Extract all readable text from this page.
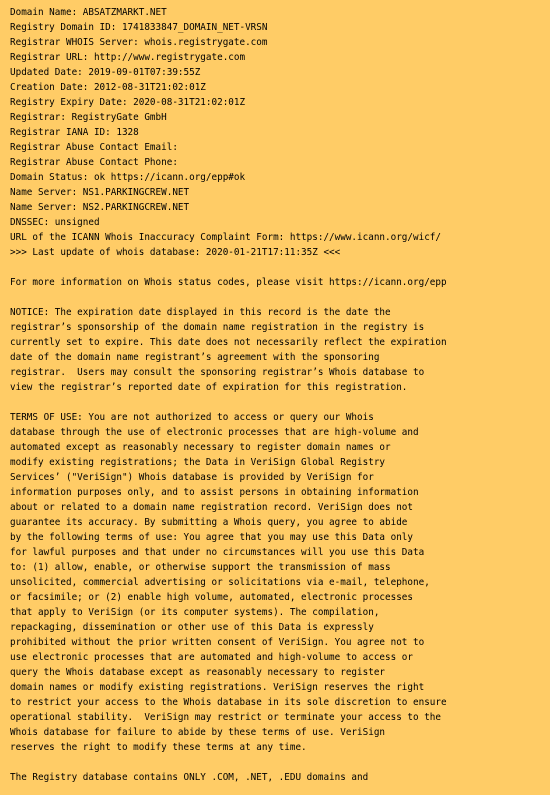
Domain Name: ABSATZMARKT.NET
Registry Domain ID: 1741833847_DOMAIN_NET-VRSN
Registrar WHOIS Server: whois.registrygate.com
Registrar URL: http://www.registrygate.com
Updated Date: 2019-09-01T07:39:55Z
Creation Date: 2012-08-31T21:02:01Z
Registry Expiry Date: 2020-08-31T21:02:01Z
Registrar: RegistryGate GmbH
Registrar IANA ID: 1328
Registrar Abuse Contact Email:
Registrar Abuse Contact Phone:
Domain Status: ok https://icann.org/epp#ok
Name Server: NS1.PARKINGCREW.NET
Name Server: NS2.PARKINGCREW.NET
DNSSEC: unsigned
URL of the ICANN Whois Inaccuracy Complaint Form: https://www.icann.org/wicf/
>>> Last update of whois database: 2020-01-21T17:11:35Z <<<

For more information on Whois status codes, please visit https://icann.org/epp

NOTICE: The expiration date displayed in this record is the date the
registrar’s sponsorship of the domain name registration in the registry is
currently set to expire. This date does not necessarily reflect the expiration
date of the domain name registrant’s agreement with the sponsoring
registrar.  Users may consult the sponsoring registrar’s Whois database to
view the registrar’s reported date of expiration for this registration.

TERMS OF USE: You are not authorized to access or query our Whois
database through the use of electronic processes that are high-volume and
automated except as reasonably necessary to register domain names or
modify existing registrations; the Data in VeriSign Global Registry
Services’ ("VeriSign") Whois database is provided by VeriSign for
information purposes only, and to assist persons in obtaining information
about or related to a domain name registration record. VeriSign does not
guarantee its accuracy. By submitting a Whois query, you agree to abide
by the following terms of use: You agree that you may use this Data only
for lawful purposes and that under no circumstances will you use this Data
to: (1) allow, enable, or otherwise support the transmission of mass
unsolicited, commercial advertising or solicitations via e-mail, telephone,
or facsimile; or (2) enable high volume, automated, electronic processes
that apply to VeriSign (or its computer systems). The compilation,
repackaging, dissemination or other use of this Data is expressly
prohibited without the prior written consent of VeriSign. You agree not to
use electronic processes that are automated and high-volume to access or
query the Whois database except as reasonably necessary to register
domain names or modify existing registrations. VeriSign reserves the right
to restrict your access to the Whois database in its sole discretion to ensure
operational stability.  VeriSign may restrict or terminate your access to the
Whois database for failure to abide by these terms of use. VeriSign
reserves the right to modify these terms at any time.

The Registry database contains ONLY .COM, .NET, .EDU domains and
